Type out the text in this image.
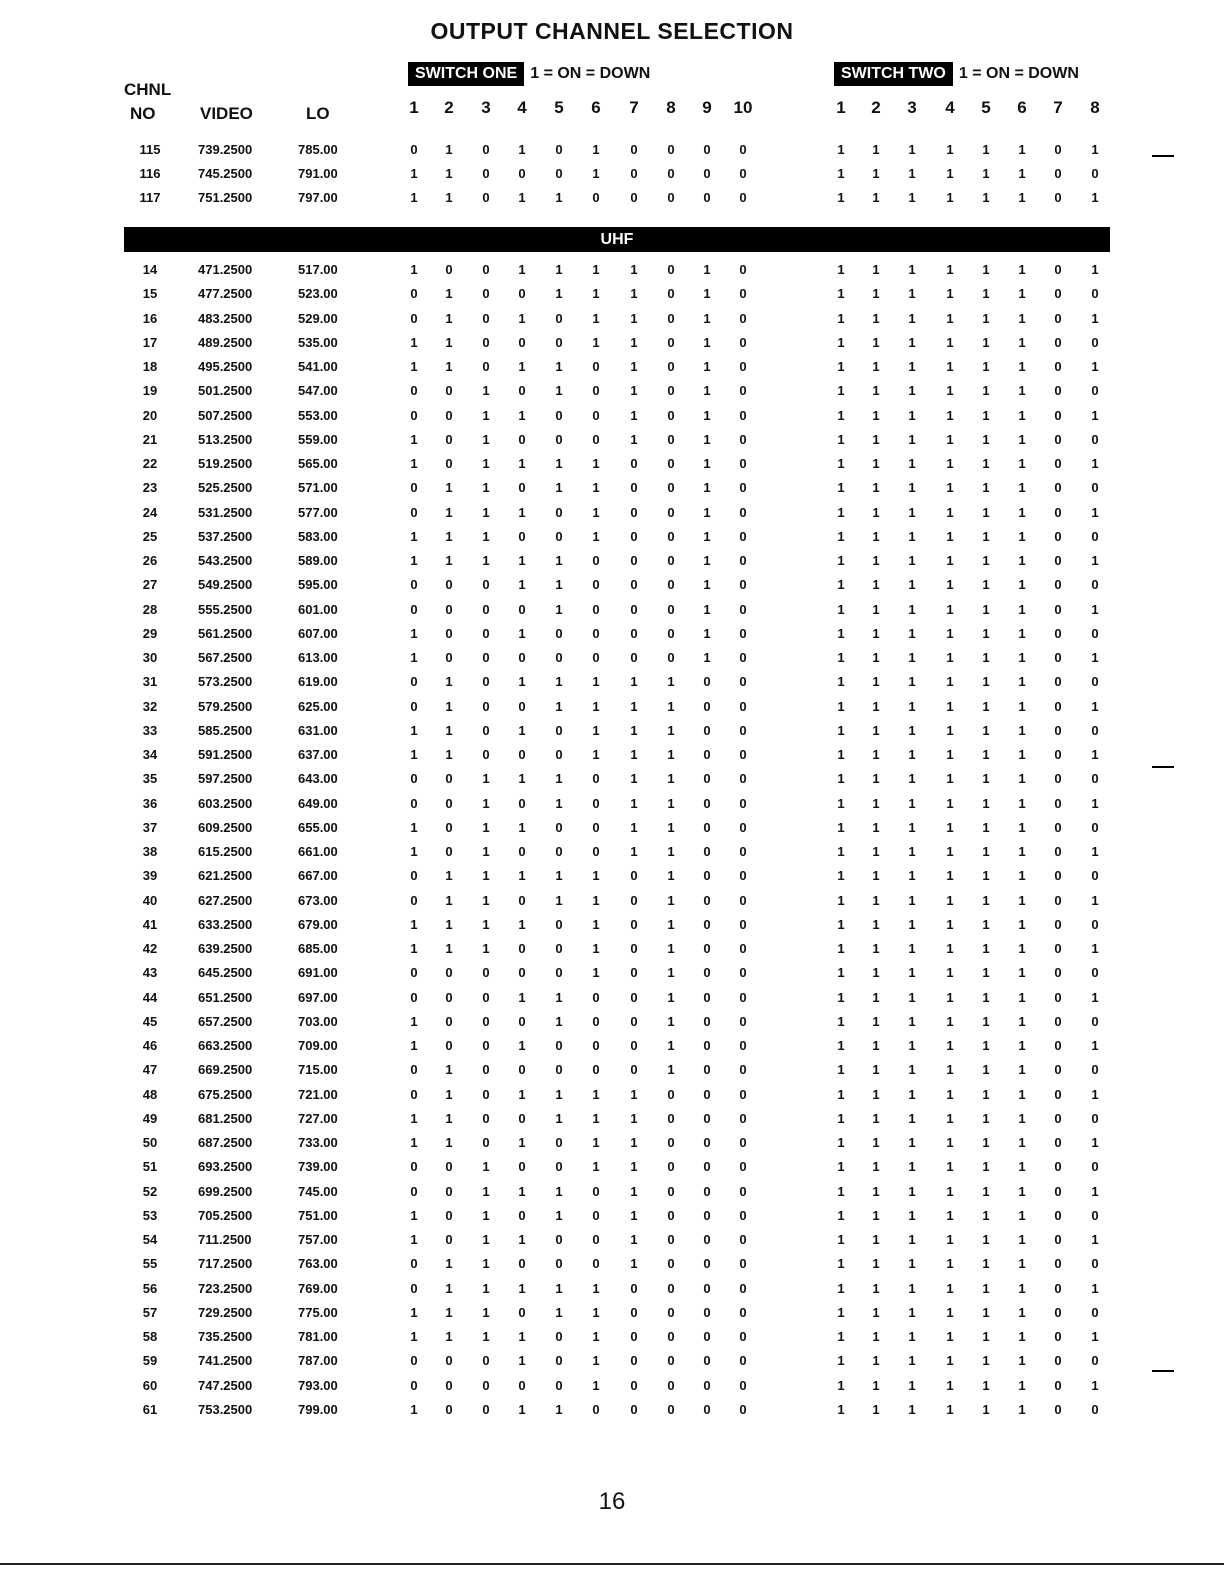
OUTPUT CHANNEL SELECTION
SWITCH ONE 1 = ON = DOWN	SWITCH TWO 1 = ON = DOWN
CHNL
NO	VIDEO	LO	1 2 3 4 5 6 7 8 9 10	1 2 3 4 5 6 7 8
115	739.2500	785.00	0 1 0 1 0 1 0 0 0 0	1 1 1 1 1 1 0 1
116	745.2500	791.00	1 1 0 0 0 1 0 0 0 0	1 1 1 1 1 1 0 0
117	751.2500	797.00	1 1 0 1 1 0 0 0 0 0	1 1 1 1 1 1 0 1
UHF
14	471.2500	517.00	1 0 0 1 1 1 1 0 1 0	1 1 1 1 1 1 0 1
15	477.2500	523.00	0 1 0 0 1 1 1 0 1 0	1 1 1 1 1 1 0 0
16	483.2500	529.00	0 1 0 1 0 1 1 0 1 0	1 1 1 1 1 1 0 1
17	489.2500	535.00	1 1 0 0 0 1 1 0 1 0	1 1 1 1 1 1 0 0
18	495.2500	541.00	1 1 0 1 1 0 1 0 1 0	1 1 1 1 1 1 0 1
19	501.2500	547.00	0 0 1 0 1 0 1 0 1 0	1 1 1 1 1 1 0 0
20	507.2500	553.00	0 0 1 1 0 0 1 0 1 0	1 1 1 1 1 1 0 1
21	513.2500	559.00	1 0 1 0 0 0 1 0 1 0	1 1 1 1 1 1 0 0
22	519.2500	565.00	1 0 1 1 1 1 0 0 1 0	1 1 1 1 1 1 0 1
23	525.2500	571.00	0 1 1 0 1 1 0 0 1 0	1 1 1 1 1 1 0 0
24	531.2500	577.00	0 1 1 1 0 1 0 0 1 0	1 1 1 1 1 1 0 1
25	537.2500	583.00	1 1 1 0 0 1 0 0 1 0	1 1 1 1 1 1 0 0
26	543.2500	589.00	1 1 1 1 1 0 0 0 1 0	1 1 1 1 1 1 0 1
27	549.2500	595.00	0 0 0 1 1 0 0 0 1 0	1 1 1 1 1 1 0 0
28	555.2500	601.00	0 0 0 0 1 0 0 0 1 0	1 1 1 1 1 1 0 1
29	561.2500	607.00	1 0 0 1 0 0 0 0 1 0	1 1 1 1 1 1 0 0
30	567.2500	613.00	1 0 0 0 0 0 0 0 1 0	1 1 1 1 1 1 0 1
31	573.2500	619.00	0 1 0 1 1 1 1 1 0 0	1 1 1 1 1 1 0 0
32	579.2500	625.00	0 1 0 0 1 1 1 1 0 0	1 1 1 1 1 1 0 1
33	585.2500	631.00	1 1 0 1 0 1 1 1 0 0	1 1 1 1 1 1 0 0
34	591.2500	637.00	1 1 0 0 0 1 1 1 0 0	1 1 1 1 1 1 0 1
35	597.2500	643.00	0 0 1 1 1 0 1 1 0 0	1 1 1 1 1 1 0 0
36	603.2500	649.00	0 0 1 0 1 0 1 1 0 0	1 1 1 1 1 1 0 1
37	609.2500	655.00	1 0 1 1 0 0 1 1 0 0	1 1 1 1 1 1 0 0
38	615.2500	661.00	1 0 1 0 0 0 1 1 0 0	1 1 1 1 1 1 0 1
39	621.2500	667.00	0 1 1 1 1 1 0 1 0 0	1 1 1 1 1 1 0 0
40	627.2500	673.00	0 1 1 0 1 1 0 1 0 0	1 1 1 1 1 1 0 1
41	633.2500	679.00	1 1 1 1 0 1 0 1 0 0	1 1 1 1 1 1 0 0
42	639.2500	685.00	1 1 1 0 0 1 0 1 0 0	1 1 1 1 1 1 0 1
43	645.2500	691.00	0 0 0 0 0 1 0 1 0 0	1 1 1 1 1 1 0 0
44	651.2500	697.00	0 0 0 1 1 0 0 1 0 0	1 1 1 1 1 1 0 1
45	657.2500	703.00	1 0 0 0 1 0 0 1 0 0	1 1 1 1 1 1 0 0
46	663.2500	709.00	1 0 0 1 0 0 0 1 0 0	1 1 1 1 1 1 0 1
47	669.2500	715.00	0 1 0 0 0 0 0 1 0 0	1 1 1 1 1 1 0 0
48	675.2500	721.00	0 1 0 1 1 1 1 0 0 0	1 1 1 1 1 1 0 1
49	681.2500	727.00	1 1 0 0 1 1 1 0 0 0	1 1 1 1 1 1 0 0
50	687.2500	733.00	1 1 0 1 0 1 1 0 0 0	1 1 1 1 1 1 0 1
51	693.2500	739.00	0 0 1 0 0 1 1 0 0 0	1 1 1 1 1 1 0 0
52	699.2500	745.00	0 0 1 1 1 0 1 0 0 0	1 1 1 1 1 1 0 1
53	705.2500	751.00	1 0 1 0 1 0 1 0 0 0	1 1 1 1 1 1 0 0
54	711.2500	757.00	1 0 1 1 0 0 1 0 0 0	1 1 1 1 1 1 0 1
55	717.2500	763.00	0 1 1 0 0 0 1 0 0 0	1 1 1 1 1 1 0 0
56	723.2500	769.00	0 1 1 1 1 1 0 0 0 0	1 1 1 1 1 1 0 1
57	729.2500	775.00	1 1 1 0 1 1 0 0 0 0	1 1 1 1 1 1 0 0
58	735.2500	781.00	1 1 1 1 0 1 0 0 0 0	1 1 1 1 1 1 0 1
59	741.2500	787.00	0 0 0 1 0 1 0 0 0 0	1 1 1 1 1 1 0 0
60	747.2500	793.00	0 0 0 0 0 1 0 0 0 0	1 1 1 1 1 1 0 1
61	753.2500	799.00	1 0 0 1 1 0 0 0 0 0	1 1 1 1 1 1 0 0
16
